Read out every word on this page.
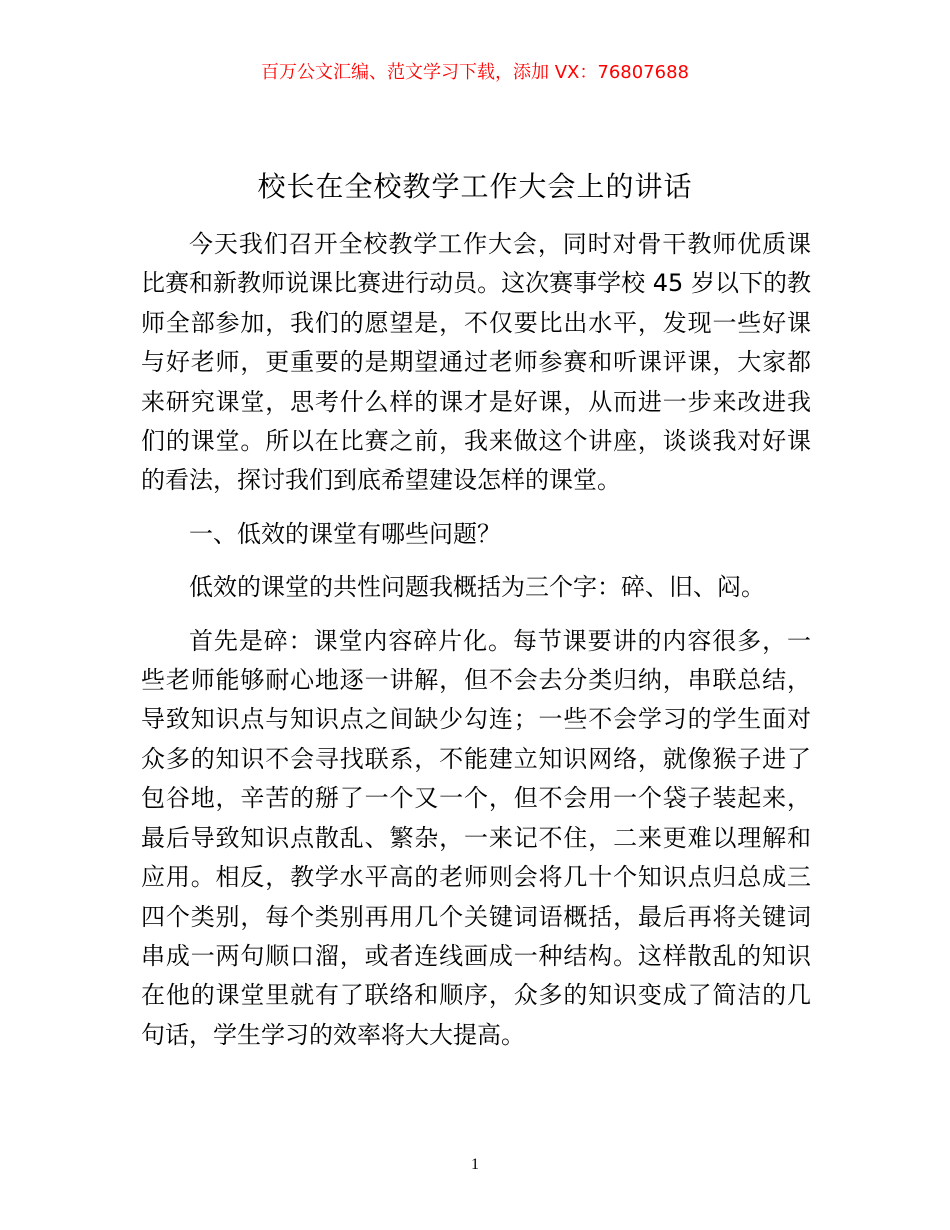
百万公文汇编、范文学习下载，添加 VX：76807688
校长在全校教学工作大会上的讲话

今天我们召开全校教学工作大会，同时对骨干教师优质课比赛和新教师说课比赛进行动员。这次赛事学校 45 岁以下的教师全部参加，我们的愿望是，不仅要比出水平，发现一些好课与好老师，更重要的是期望通过老师参赛和听课评课，大家都来研究课堂，思考什么样的课才是好课，从而进一步来改进我们的课堂。所以在比赛之前，我来做这个讲座，谈谈我对好课的看法，探讨我们到底希望建设怎样的课堂。

一、低效的课堂有哪些问题？

低效的课堂的共性问题我概括为三个字：碎、旧、闷。

首先是碎：课堂内容碎片化。每节课要讲的内容很多，一些老师能够耐心地逐一讲解，但不会去分类归纳，串联总结，导致知识点与知识点之间缺少勾连；一些不会学习的学生面对众多的知识不会寻找联系，不能建立知识网络，就像猴子进了包谷地，辛苦的掰了一个又一个，但不会用一个袋子装起来，最后导致知识点散乱、繁杂，一来记不住，二来更难以理解和应用。相反，教学水平高的老师则会将几十个知识点归总成三四个类别，每个类别再用几个关键词语概括，最后再将关键词串成一两句顺口溜，或者连线画成一种结构。这样散乱的知识在他的课堂里就有了联络和顺序，众多的知识变成了简洁的几句话，学生学习的效率将大大提高。

1
